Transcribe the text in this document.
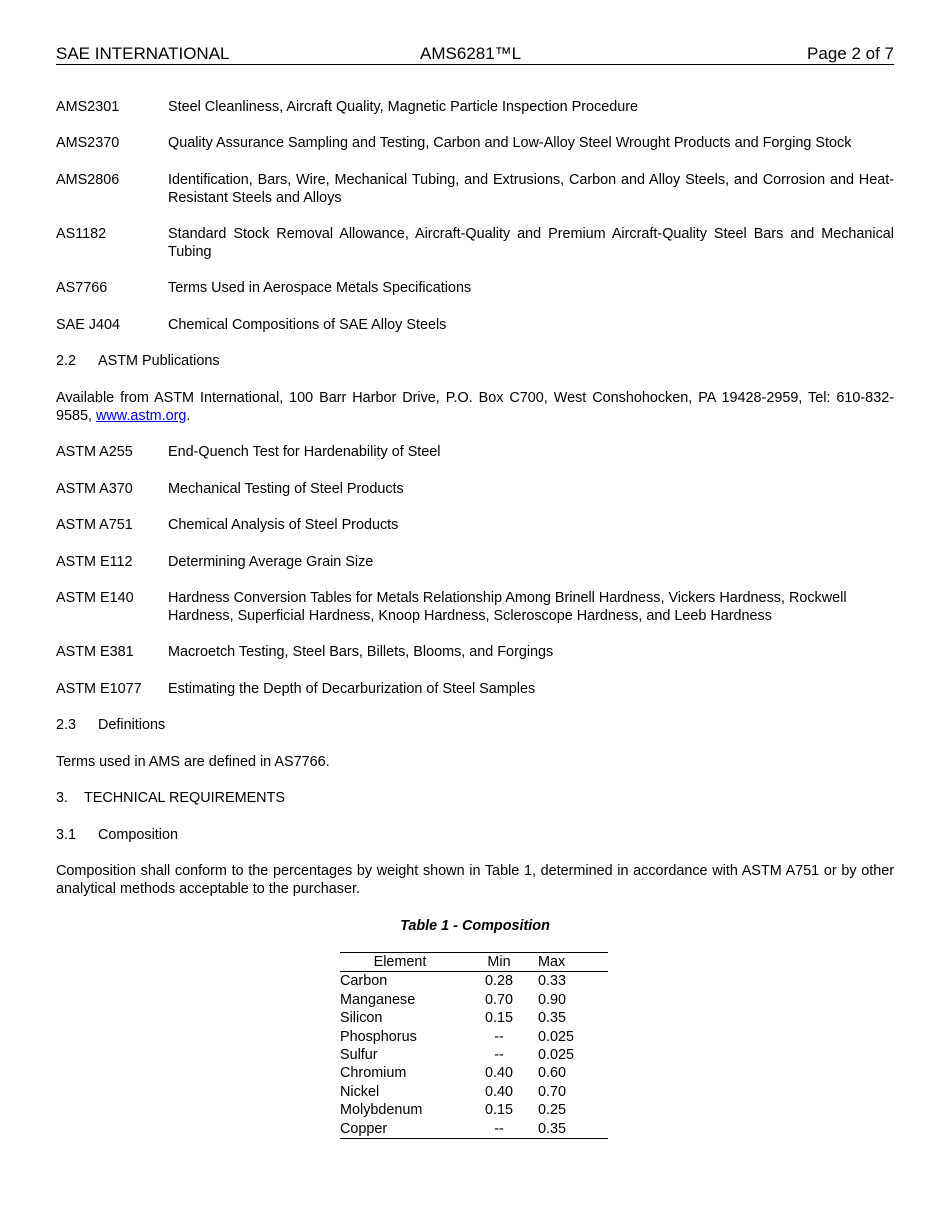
SAE INTERNATIONAL	AMS6281™L	Page 2 of 7
AMS2301	Steel Cleanliness, Aircraft Quality, Magnetic Particle Inspection Procedure
AMS2370	Quality Assurance Sampling and Testing, Carbon and Low-Alloy Steel Wrought Products and Forging Stock
AMS2806	Identification, Bars, Wire, Mechanical Tubing, and Extrusions, Carbon and Alloy Steels, and Corrosion and Heat-Resistant Steels and Alloys
AS1182	Standard Stock Removal Allowance, Aircraft-Quality and Premium Aircraft-Quality Steel Bars and Mechanical Tubing
AS7766	Terms Used in Aerospace Metals Specifications
SAE J404	Chemical Compositions of SAE Alloy Steels
2.2 ASTM Publications
Available from ASTM International, 100 Barr Harbor Drive, P.O. Box C700, West Conshohocken, PA 19428-2959, Tel: 610-832-9585, www.astm.org.
ASTM A255 End-Quench Test for Hardenability of Steel
ASTM A370 Mechanical Testing of Steel Products
ASTM A751 Chemical Analysis of Steel Products
ASTM E112 Determining Average Grain Size
ASTM E140 Hardness Conversion Tables for Metals Relationship Among Brinell Hardness, Vickers Hardness, Rockwell Hardness, Superficial Hardness, Knoop Hardness, Scleroscope Hardness, and Leeb Hardness
ASTM E381 Macroetch Testing, Steel Bars, Billets, Blooms, and Forgings
ASTM E1077 Estimating the Depth of Decarburization of Steel Samples
2.3 Definitions
Terms used in AMS are defined in AS7766.
3. TECHNICAL REQUIREMENTS
3.1 Composition
Composition shall conform to the percentages by weight shown in Table 1, determined in accordance with ASTM A751 or by other analytical methods acceptable to the purchaser.
Table 1 - Composition
Element	Min	Max
Carbon	0.28	0.33
Manganese	0.70	0.90
Silicon	0.15	0.35
Phosphorus	--	0.025
Sulfur	--	0.025
Chromium	0.40	0.60
Nickel	0.40	0.70
Molybdenum	0.15	0.25
Copper	--	0.35
